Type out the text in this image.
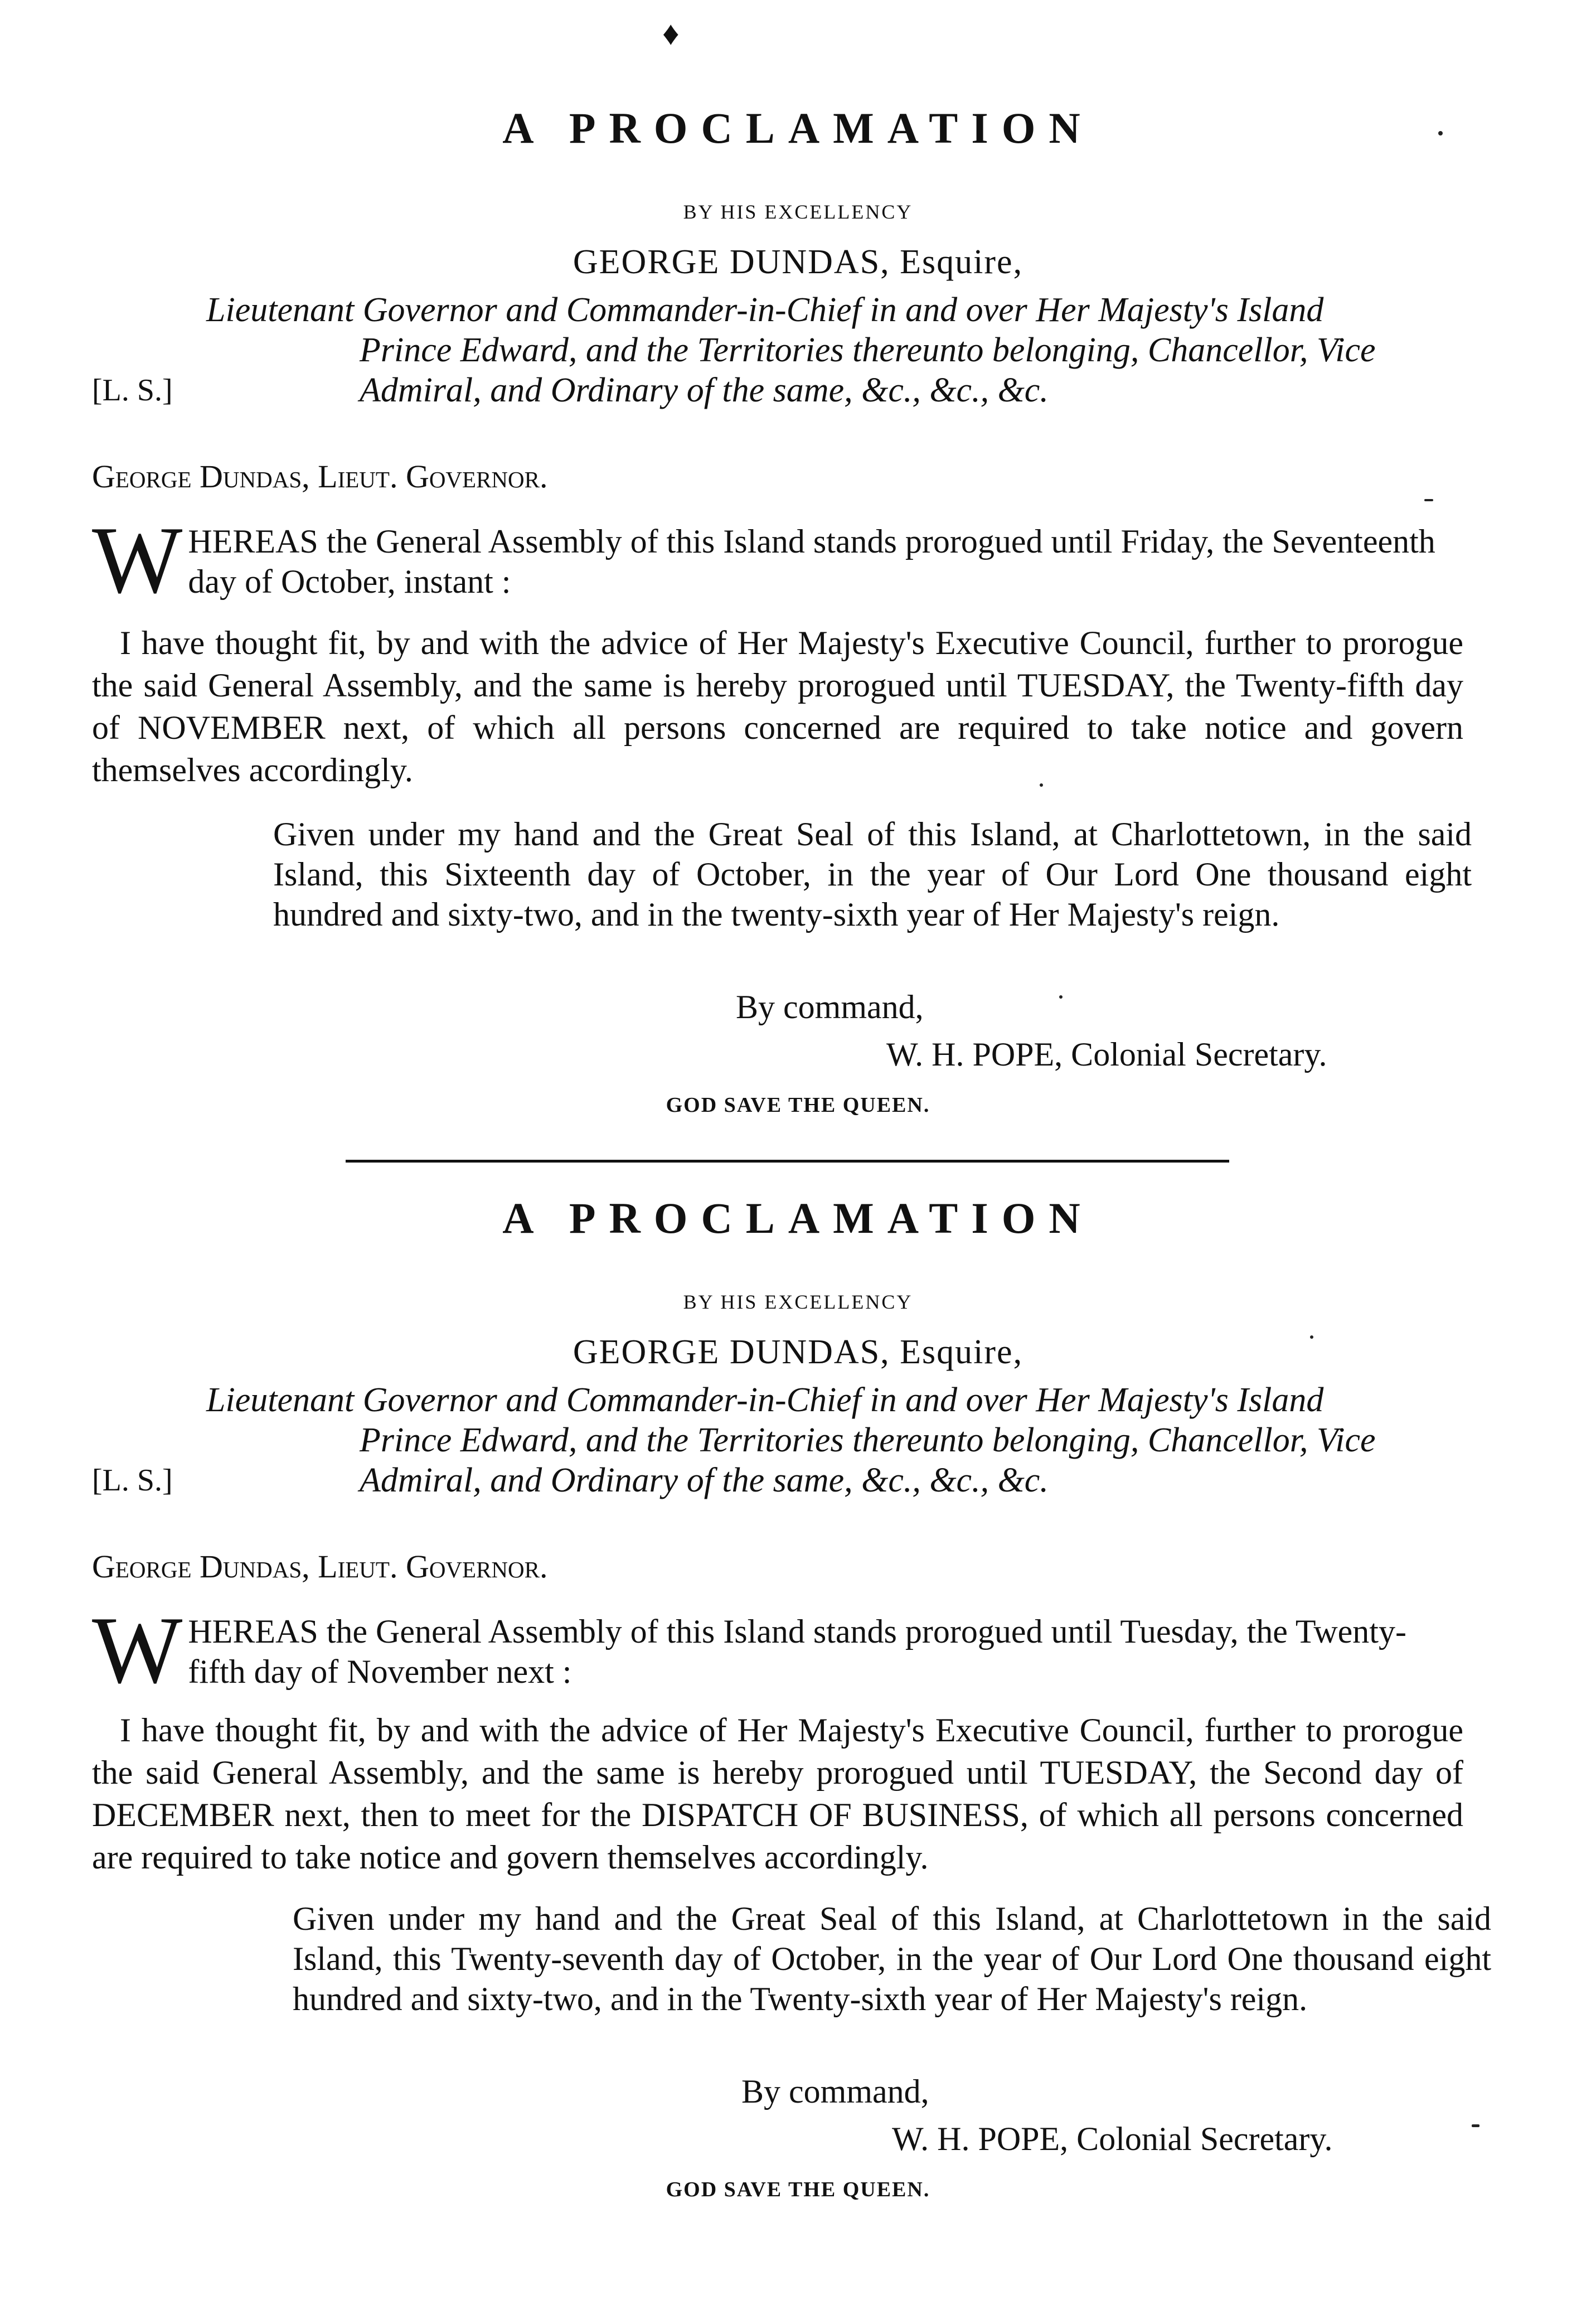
♦
A PROCLAMATION
BY HIS EXCELLENCY
GEORGE DUNDAS, Esquire,
Lieutenant Governor and Commander-in-Chief in and over Her Majesty's Island
Prince Edward, and the Territories thereunto belonging, Chancellor, Vice
Admiral, and Ordinary of the same, &c., &c., &c.
[L. S.]
George Dundas, Lieut. Governor.
WHEREAS the General Assembly of this Island stands prorogued until Friday, the Seventeenth day of October, instant :
I have thought fit, by and with the advice of Her Majesty's Executive Council, further to prorogue the said General Assembly, and the same is hereby prorogued until TUESDAY, the Twenty-fifth day of NOVEMBER next, of which all persons concerned are required to take notice and govern themselves accordingly.
Given under my hand and the Great Seal of this Island, at Charlottetown, in the said Island, this Sixteenth day of October, in the year of Our Lord One thousand eight hundred and sixty-two, and in the twenty-sixth year of Her Majesty's reign.
By command,
W. H. POPE, Colonial Secretary.
GOD SAVE THE QUEEN.
A PROCLAMATION
BY HIS EXCELLENCY
GEORGE DUNDAS, Esquire,
Lieutenant Governor and Commander-in-Chief in and over Her Majesty's Island
Prince Edward, and the Territories thereunto belonging, Chancellor, Vice
Admiral, and Ordinary of the same, &c., &c., &c.
[L. S.]
George Dundas, Lieut. Governor.
WHEREAS the General Assembly of this Island stands prorogued until Tuesday, the Twenty-fifth day of November next :
I have thought fit, by and with the advice of Her Majesty's Executive Council, further to prorogue the said General Assembly, and the same is hereby prorogued until TUESDAY, the Second day of DECEMBER next, then to meet for the DISPATCH OF BUSINESS, of which all persons concerned are required to take notice and govern themselves accordingly.
Given under my hand and the Great Seal of this Island, at Charlottetown in the said Island, this Twenty-seventh day of October, in the year of Our Lord One thousand eight hundred and sixty-two, and in the Twenty-sixth year of Her Majesty's reign.
By command,
W. H. POPE, Colonial Secretary.
GOD SAVE THE QUEEN.
